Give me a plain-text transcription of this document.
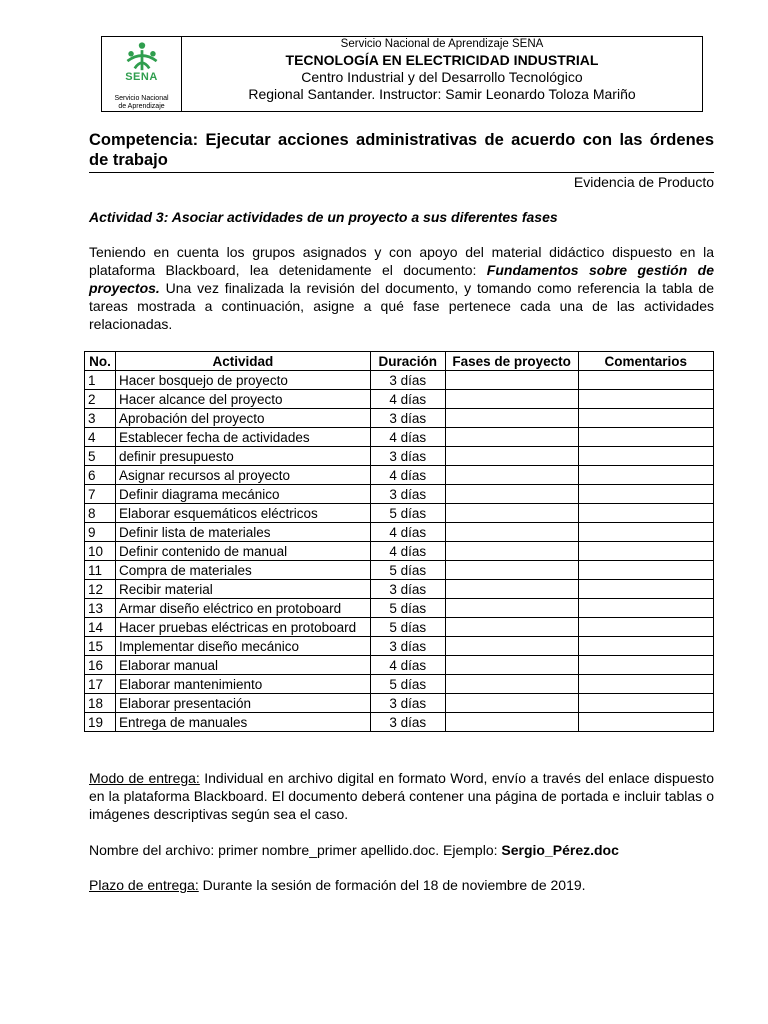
SENA
Servicio Nacional
de Aprendizaje
Servicio Nacional de Aprendizaje SENA
TECNOLOGÍA EN ELECTRICIDAD INDUSTRIAL
Centro Industrial y del Desarrollo Tecnológico
Regional Santander. Instructor: Samir Leonardo Toloza Mariño
Competencia: Ejecutar acciones administrativas de acuerdo con las órdenes de trabajo
Evidencia de Producto
Actividad 3: Asociar actividades de un proyecto a sus diferentes fases
Teniendo en cuenta los grupos asignados y con apoyo del material didáctico dispuesto en la plataforma Blackboard, lea detenidamente el documento: Fundamentos sobre gestión de proyectos. Una vez finalizada la revisión del documento, y tomando como referencia la tabla de tareas mostrada a continuación, asigne a qué fase pertenece cada una de las actividades relacionadas.
No.	Actividad	Duración	Fases de proyecto	Comentarios
1	Hacer bosquejo de proyecto	3 días		
2	Hacer alcance del proyecto	4 días		
3	Aprobación del proyecto	3 días		
4	Establecer fecha de actividades	4 días		
5	definir presupuesto	3 días		
6	Asignar recursos al proyecto	4 días		
7	Definir diagrama mecánico	3 días		
8	Elaborar esquemáticos eléctricos	5 días		
9	Definir lista de materiales	4 días		
10	Definir contenido de manual	4 días		
11	Compra de materiales	5 días		
12	Recibir material	3 días		
13	Armar diseño eléctrico en protoboard	5 días		
14	Hacer pruebas eléctricas en protoboard	5 días		
15	Implementar diseño mecánico	3 días		
16	Elaborar manual	4 días		
17	Elaborar mantenimiento	5 días		
18	Elaborar presentación	3 días		
19	Entrega de manuales	3 días		
Modo de entrega: Individual en archivo digital en formato Word, envío a través del enlace dispuesto en la plataforma Blackboard. El documento deberá contener una página de portada e incluir tablas o imágenes descriptivas según sea el caso.
Nombre del archivo: primer nombre_primer apellido.doc. Ejemplo: Sergio_Pérez.doc
Plazo de entrega: Durante la sesión de formación del 18 de noviembre de 2019.
